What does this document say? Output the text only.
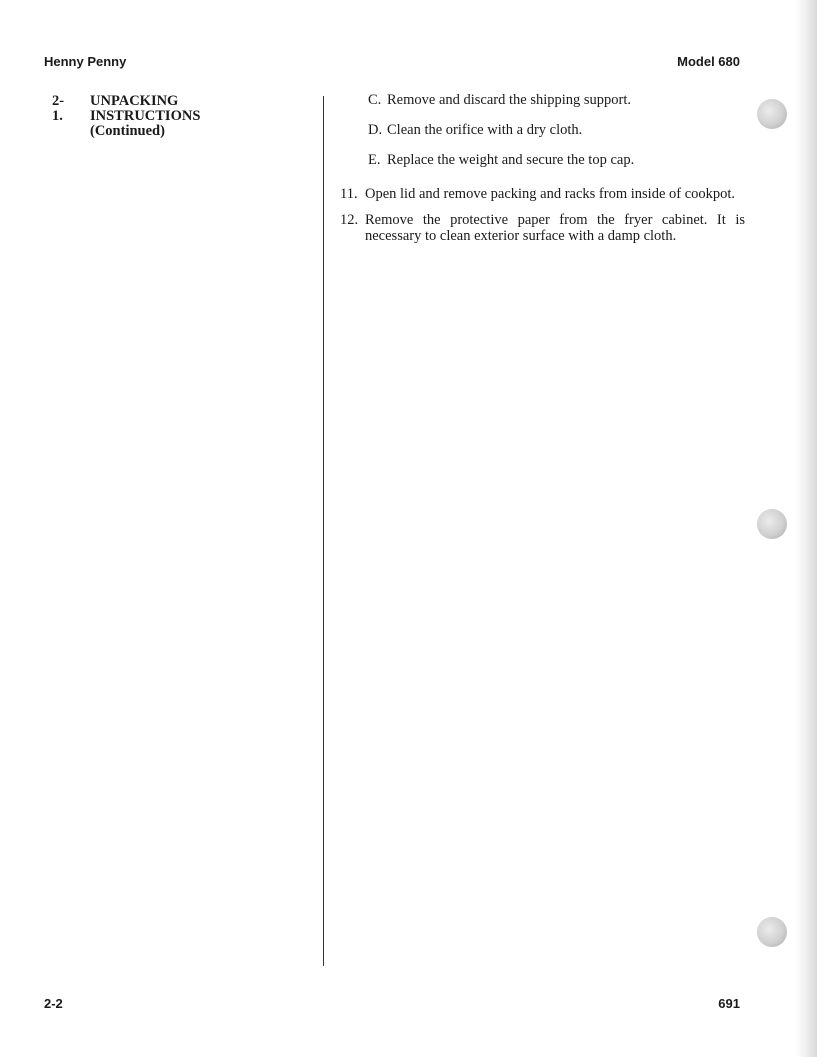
Henny Penny	Model 680
2-1.
UNPACKING
INSTRUCTIONS
(Continued)
C. Remove and discard the shipping support.
D. Clean the orifice with a dry cloth.
E. Replace the weight and secure the top cap.
11. Open lid and remove packing and racks from inside of cookpot.
12. Remove the protective paper from the fryer cabinet. It is necessary to clean exterior surface with a damp cloth.
2-2	691
